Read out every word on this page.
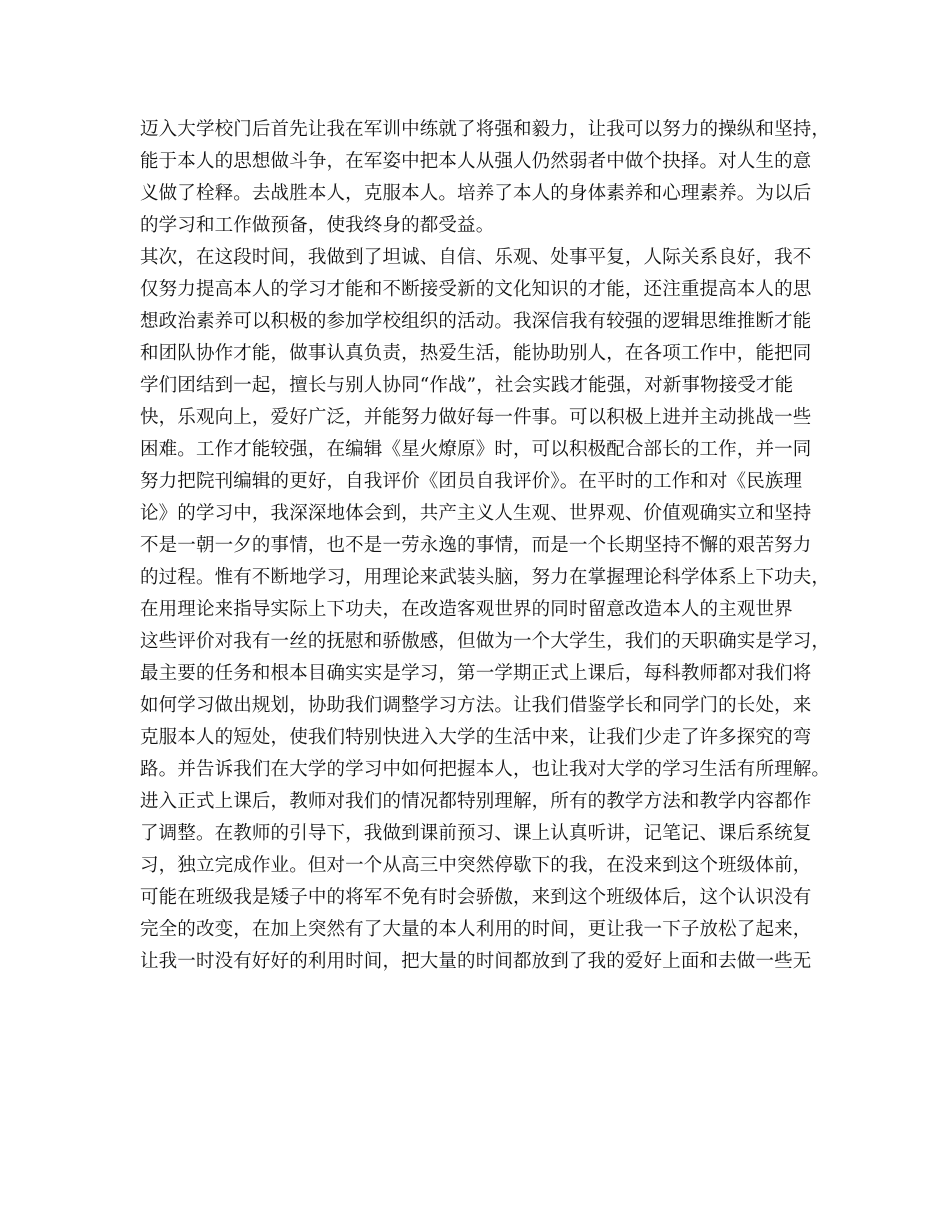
迈入大学校门后首先让我在军训中练就了将强和毅力，让我可以努力的操纵和坚持，
能于本人的思想做斗争，在军姿中把本人从强人仍然弱者中做个抉择。对人生的意
义做了栓释。去战胜本人，克服本人。培养了本人的身体素养和心理素养。为以后
的学习和工作做预备，使我终身的都受益。
其次，在这段时间，我做到了坦诚、自信、乐观、处事平复，人际关系良好，我不
仅努力提高本人的学习才能和不断接受新的文化知识的才能，还注重提高本人的思
想政治素养可以积极的参加学校组织的活动。我深信我有较强的逻辑思维推断才能
和团队协作才能，做事认真负责，热爱生活，能协助别人，在各项工作中，能把同
学们团结到一起，擅长与别人协同“作战”，社会实践才能强，对新事物接受才能
快，乐观向上，爱好广泛，并能努力做好每一件事。可以积极上进并主动挑战一些
困难。工作才能较强，在编辑《星火燎原》时，可以积极配合部长的工作，并一同
努力把院刊编辑的更好，自我评价《团员自我评价》。在平时的工作和对《民族理
论》的学习中，我深深地体会到，共产主义人生观、世界观、价值观确实立和坚持
不是一朝一夕的事情，也不是一劳永逸的事情，而是一个长期坚持不懈的艰苦努力
的过程。惟有不断地学习，用理论来武装头脑，努力在掌握理论科学体系上下功夫，
在用理论来指导实际上下功夫，在改造客观世界的同时留意改造本人的主观世界
这些评价对我有一丝的抚慰和骄傲感，但做为一个大学生，我们的天职确实是学习，
最主要的任务和根本目确实实是学习，第一学期正式上课后，每科教师都对我们将
如何学习做出规划，协助我们调整学习方法。让我们借鉴学长和同学门的长处，来
克服本人的短处，使我们特别快进入大学的生活中来，让我们少走了许多探究的弯
路。并告诉我们在大学的学习中如何把握本人，也让我对大学的学习生活有所理解。
进入正式上课后，教师对我们的情况都特别理解，所有的教学方法和教学内容都作
了调整。在教师的引导下，我做到课前预习、课上认真听讲，记笔记、课后系统复
习，独立完成作业。但对一个从高三中突然停歇下的我，在没来到这个班级体前，
可能在班级我是矮子中的将军不免有时会骄傲，来到这个班级体后，这个认识没有
完全的改变，在加上突然有了大量的本人利用的时间，更让我一下子放松了起来，
让我一时没有好好的利用时间，把大量的时间都放到了我的爱好上面和去做一些无
